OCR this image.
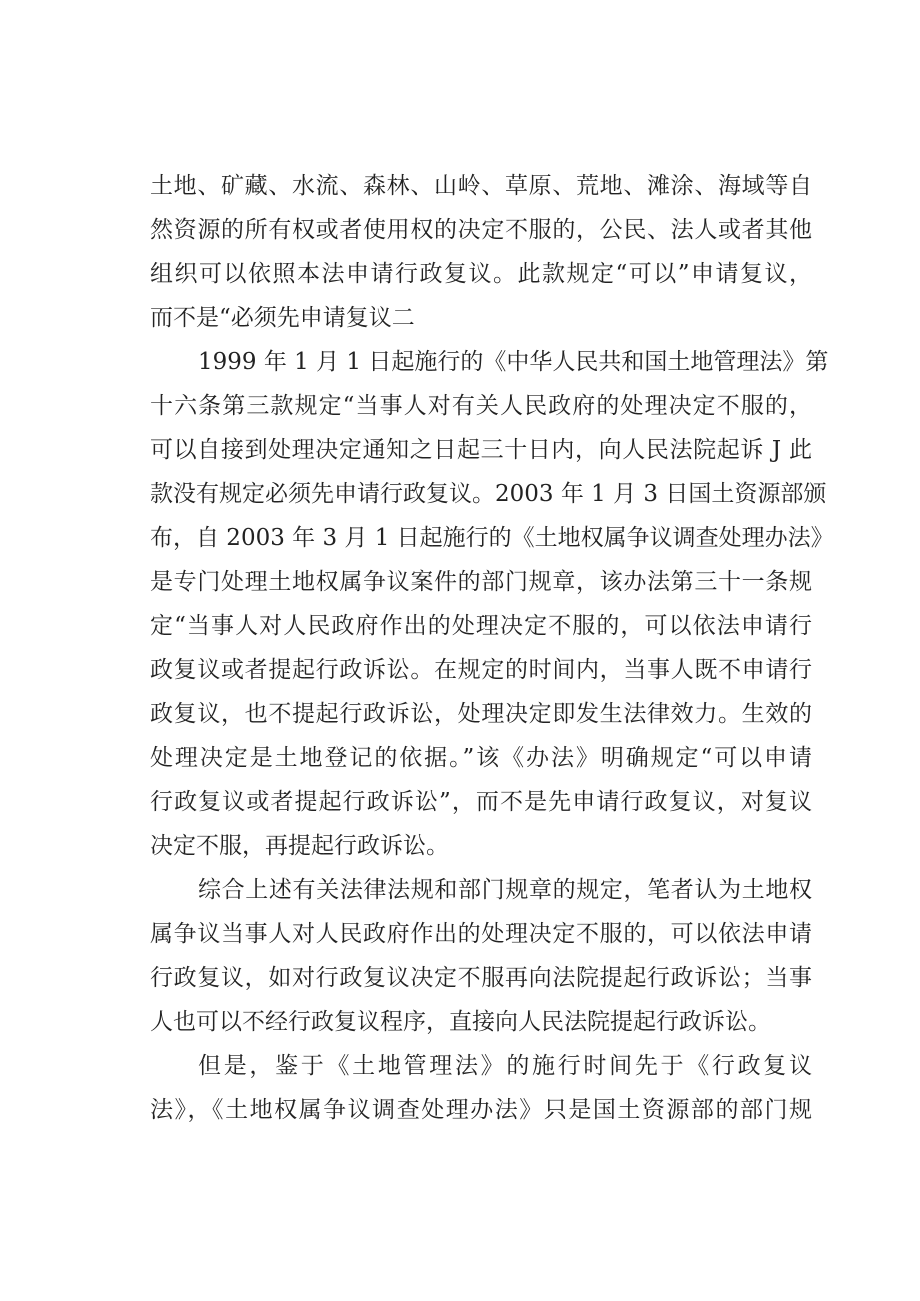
土地、矿藏、水流、森林、山岭、草原、荒地、滩涂、海域等自
然资源的所有权或者使用权的决定不服的，公民、法人或者其他
组织可以依照本法申请行政复议。此款规定“可以”申请复议，
而不是“必须先申请复议二
1999 年 1 月 1 日起施行的《中华人民共和国土地管理法》第
十六条第三款规定“当事人对有关人民政府的处理决定不服的，
可以自接到处理决定通知之日起三十日内，向人民法院起诉 J 此
款没有规定必须先申请行政复议。2003 年 1 月 3 日国土资源部颁
布，自 2003 年 3 月 1 日起施行的《土地权属争议调查处理办法》
是专门处理土地权属争议案件的部门规章，该办法第三十一条规
定“当事人对人民政府作出的处理决定不服的，可以依法申请行
政复议或者提起行政诉讼。在规定的时间内，当事人既不申请行
政复议，也不提起行政诉讼，处理决定即发生法律效力。生效的
处理决定是土地登记的依据。”该《办法》明确规定“可以申请
行政复议或者提起行政诉讼”，而不是先申请行政复议，对复议
决定不服，再提起行政诉讼。
综合上述有关法律法规和部门规章的规定，笔者认为土地权
属争议当事人对人民政府作出的处理决定不服的，可以依法申请
行政复议，如对行政复议决定不服再向法院提起行政诉讼；当事
人也可以不经行政复议程序，直接向人民法院提起行政诉讼。
但是，鉴于《土地管理法》的施行时间先于《行政复议
法》，《土地权属争议调查处理办法》只是国土资源部的部门规
